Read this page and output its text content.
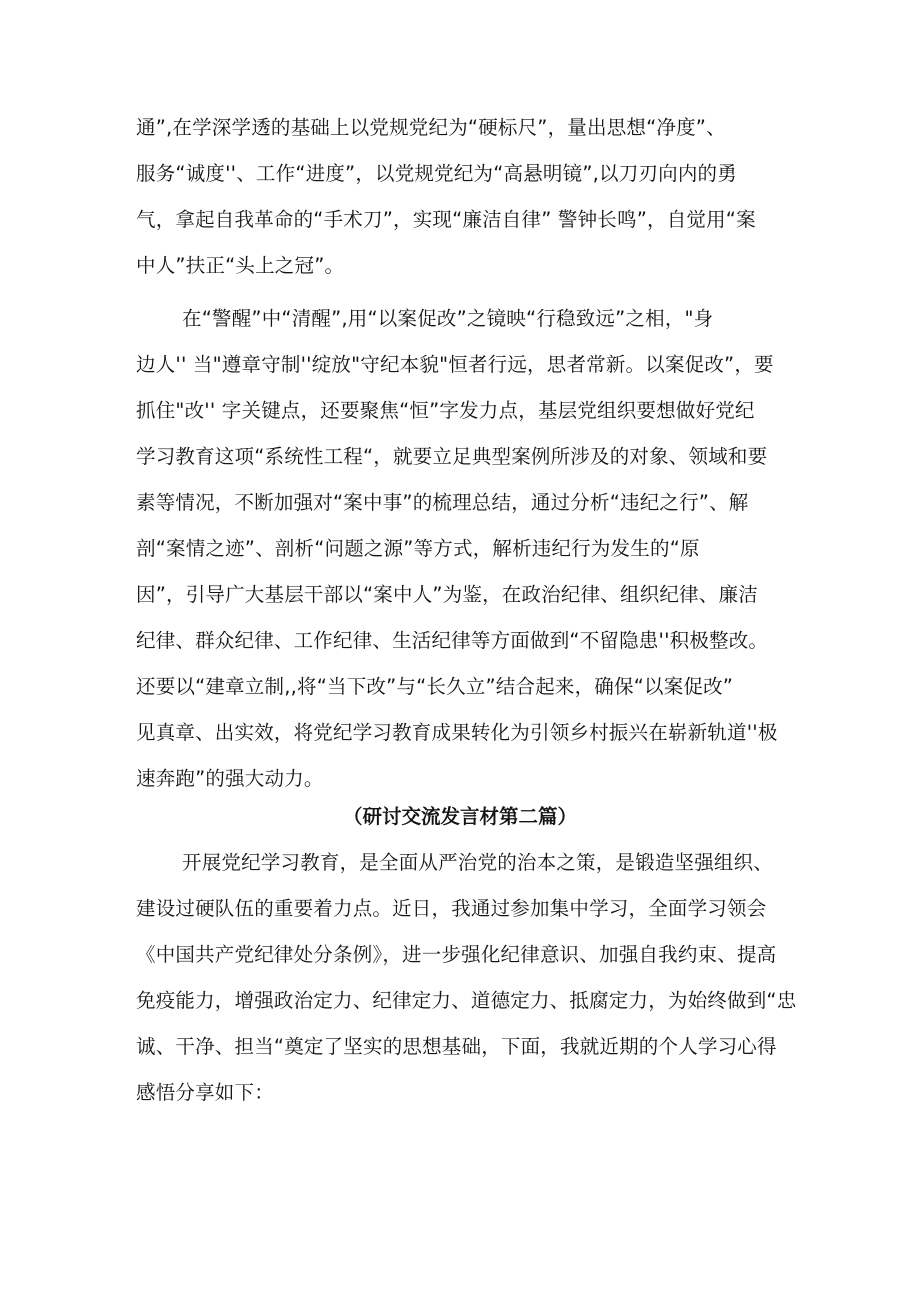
通”,在学深学透的基础上以党规党纪为“硬标尺”，量出思想“净度”、
服务“诚度''、工作“进度”，以党规党纪为“高悬明镜”,以刀刃向内的勇
气，拿起自我革命的“手术刀”，实现“廉洁自律” 警钟长鸣”，自觉用“案
中人”扶正“头上之冠”。
在“警醒”中“清醒”,用“以案促改”之镜映“行稳致远”之相，"身
边人'' 当"遵章守制''绽放"守纪本貌"恒者行远，思者常新。以案促改”，要
抓住"改'' 字关键点，还要聚焦“恒”字发力点，基层党组织要想做好党纪
学习教育这项“系统性工程“，就要立足典型案例所涉及的对象、领域和要
素等情况，不断加强对“案中事”的梳理总结，通过分析“违纪之行”、解
剖“案情之迹”、剖析“问题之源”等方式，解析违纪行为发生的“原
因”，引导广大基层干部以“案中人”为鉴，在政治纪律、组织纪律、廉洁
纪律、群众纪律、工作纪律、生活纪律等方面做到“不留隐患''积极整改。
还要以“建章立制,,将“当下改”与“长久立”结合起来，确保“以案促改”
见真章、出实效，将党纪学习教育成果转化为引领乡村振兴在崭新轨道''极
速奔跑”的强大动力。
（研讨交流发言材第二篇）
开展党纪学习教育，是全面从严治党的治本之策，是锻造坚强组织、
建设过硬队伍的重要着力点。近日，我通过参加集中学习，全面学习领会
《中国共产党纪律处分条例》，进一步强化纪律意识、加强自我约束、提高
免疫能力，增强政治定力、纪律定力、道德定力、抵腐定力，为始终做到“忠
诚、干净、担当“奠定了坚实的思想基础，下面，我就近期的个人学习心得
感悟分享如下：
